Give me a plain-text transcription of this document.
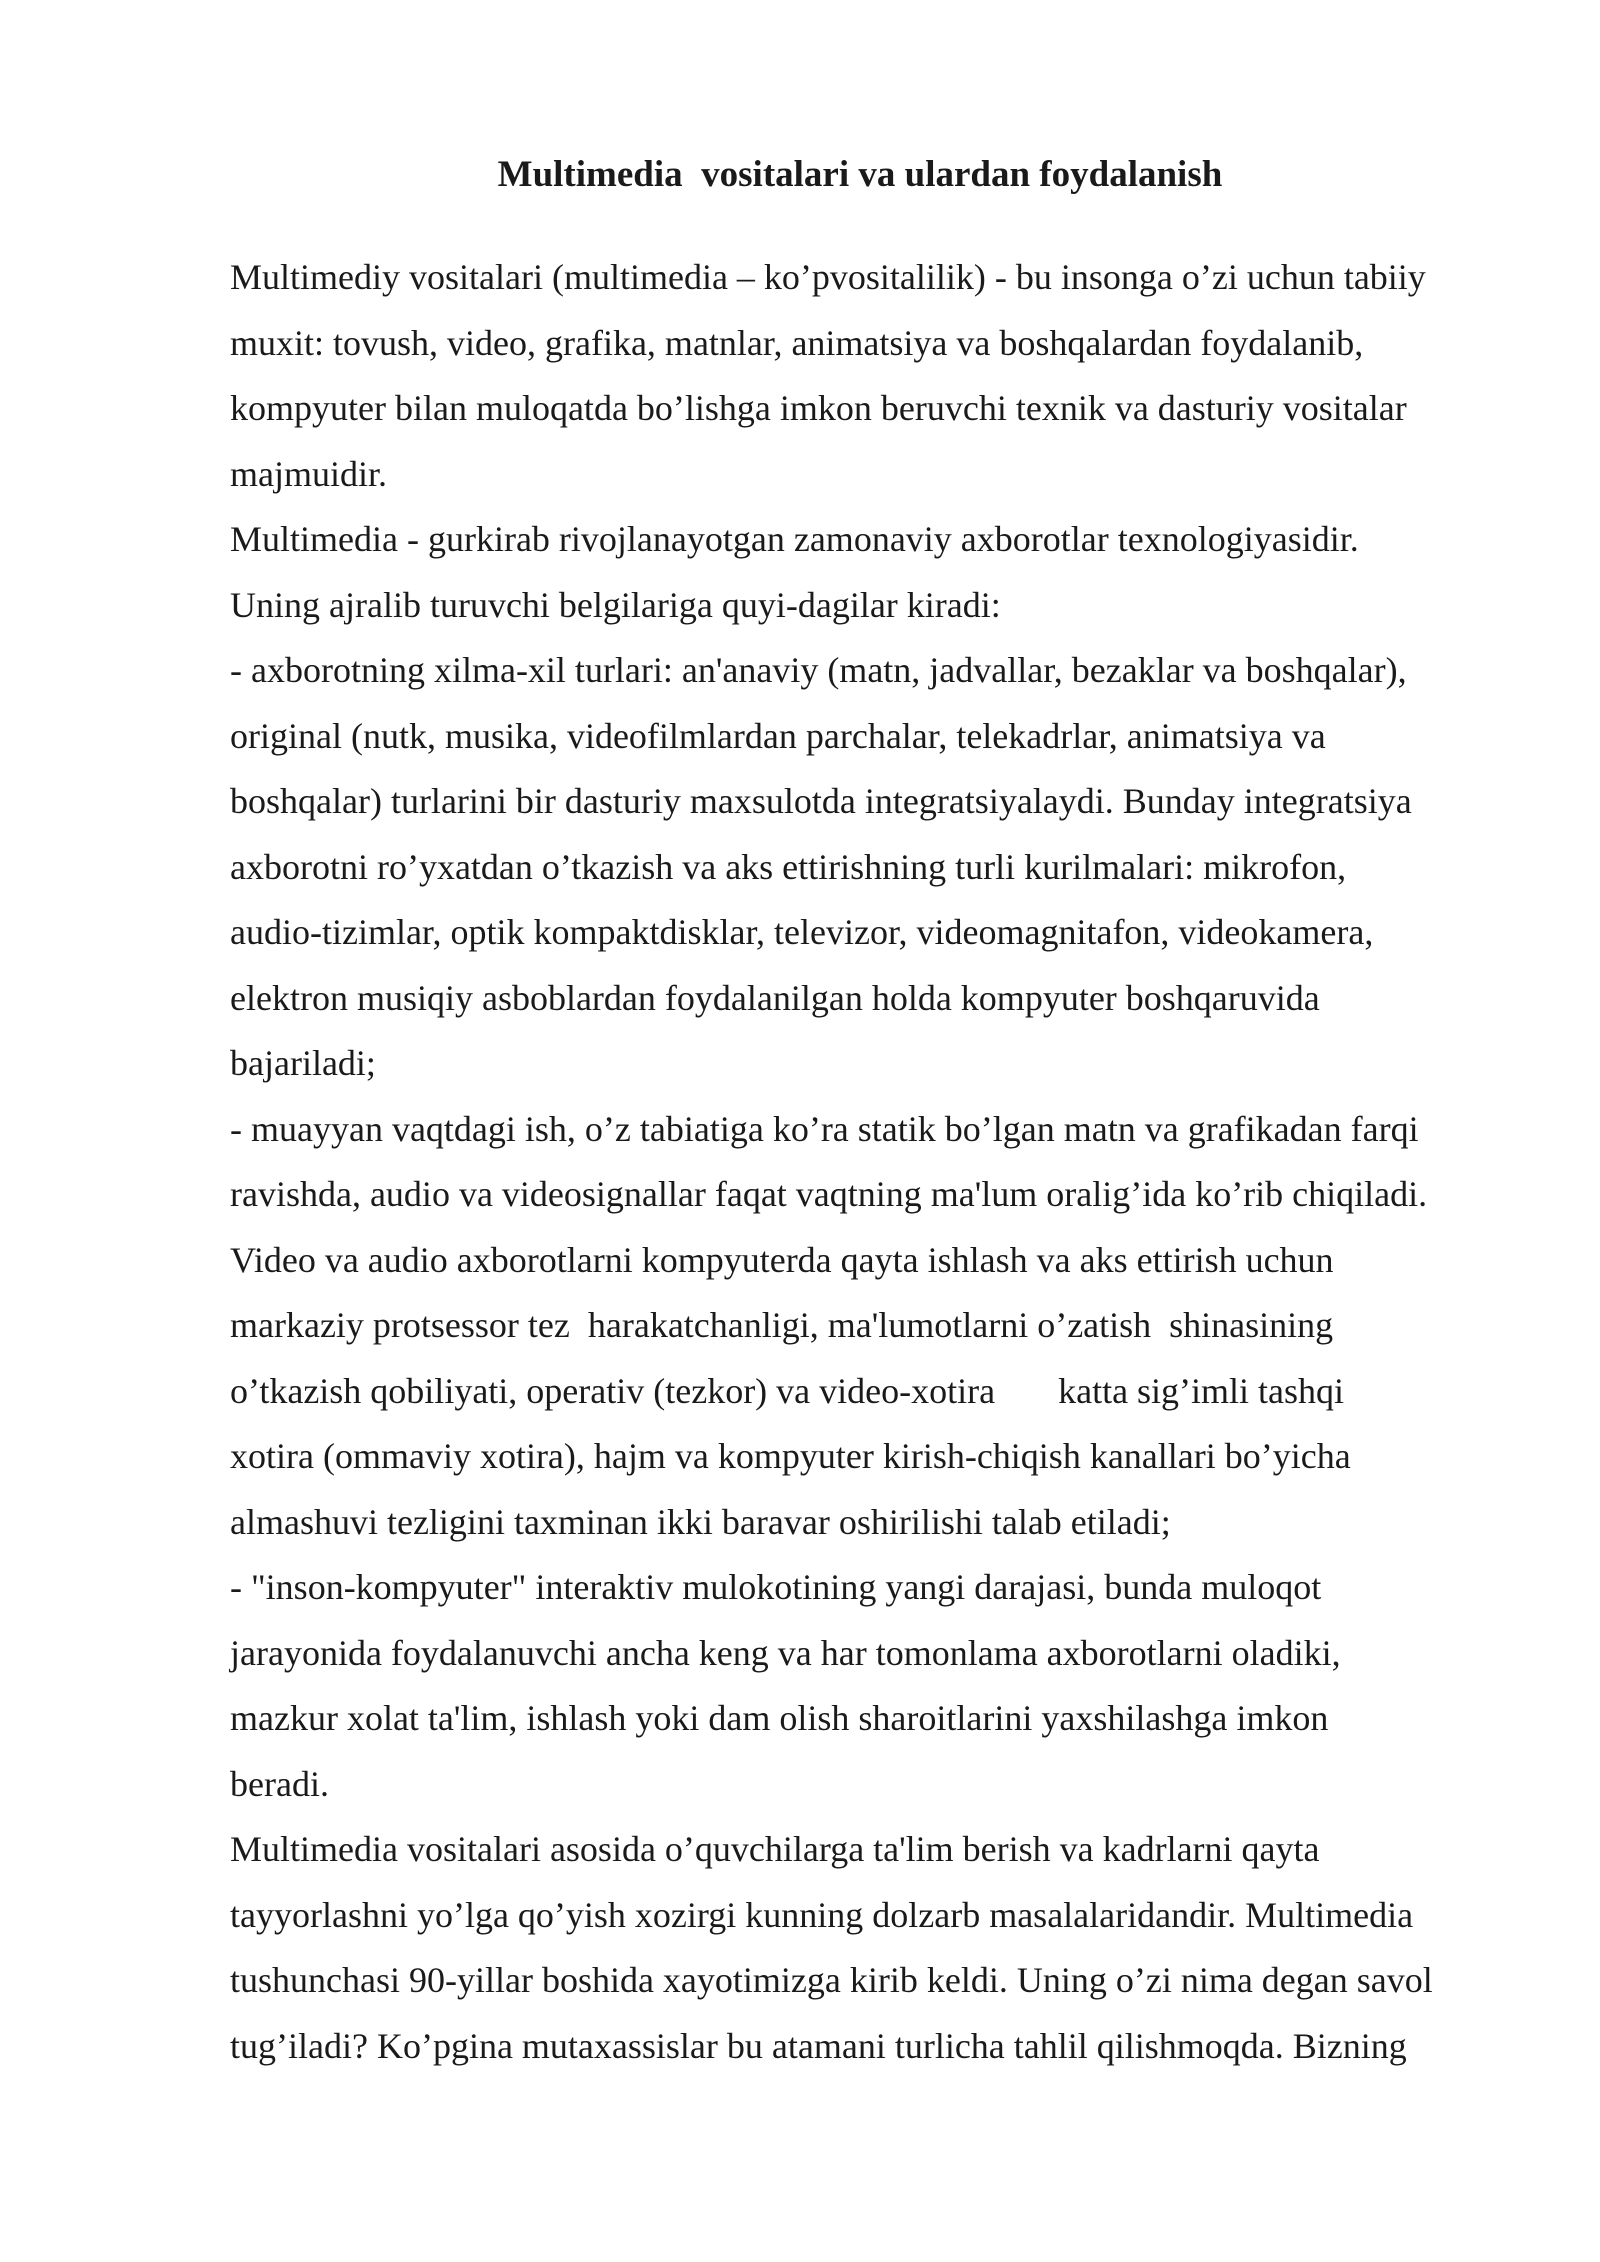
Multimedia  vositalari va ulardan foydalanish
Multimediy vositalari (multimedia – ko’pvositalilik) - bu insonga o’zi uchun tabiiy
muxit: tovush, video, grafika, matnlar, animatsiya va boshqalardan foydalanib,
kompyuter bilan muloqatda bo’lishga imkon beruvchi texnik va dasturiy vositalar
majmuidir.
Multimedia - gurkirab rivojlanayotgan zamonaviy axborotlar texnologiyasidir.
Uning ajralib turuvchi belgilariga quyi-dagilar kiradi:
- axborotning xilma-xil turlari: an'anaviy (matn, jadvallar, bezaklar va boshqalar),
original (nutk, musika, videofilmlardan parchalar, telekadrlar, animatsiya va
boshqalar) turlarini bir dasturiy maxsulotda integratsiyalaydi. Bunday integratsiya
axborotni ro’yxatdan o’tkazish va aks ettirishning turli kurilmalari: mikrofon,
audio-tizimlar, optik kompaktdisklar, televizor, videomagnitafon, videokamera,
elektron musiqiy asboblardan foydalanilgan holda kompyuter boshqaruvida
bajariladi;
- muayyan vaqtdagi ish, o’z tabiatiga ko’ra statik bo’lgan matn va grafikadan farqi
ravishda, audio va videosignallar faqat vaqtning ma'lum oralig’ida ko’rib chiqiladi.
Video va audio axborotlarni kompyuterda qayta ishlash va aks ettirish uchun
markaziy protsessor tez  harakatchanligi, ma'lumotlarni o’zatish  shinasining
o’tkazish qobiliyati, operativ (tezkor) va video-xotira       katta sig’imli tashqi
xotira (ommaviy xotira), hajm va kompyuter kirish-chiqish kanallari bo’yicha
almashuvi tezligini taxminan ikki baravar oshirilishi talab etiladi;
- "inson-kompyuter" interaktiv mulokotining yangi darajasi, bunda muloqot
jarayonida foydalanuvchi ancha keng va har tomonlama axborotlarni oladiki,
mazkur xolat ta'lim, ishlash yoki dam olish sharoitlarini yaxshilashga imkon
beradi.
Multimedia vositalari asosida o’quvchilarga ta'lim berish va kadrlarni qayta
tayyorlashni yo’lga qo’yish xozirgi kunning dolzarb masalalaridandir. Multimedia
tushunchasi 90-yillar boshida xayotimizga kirib keldi. Uning o’zi nima degan savol
tug’iladi? Ko’pgina mutaxassislar bu atamani turlicha tahlil qilishmoqda. Bizning
